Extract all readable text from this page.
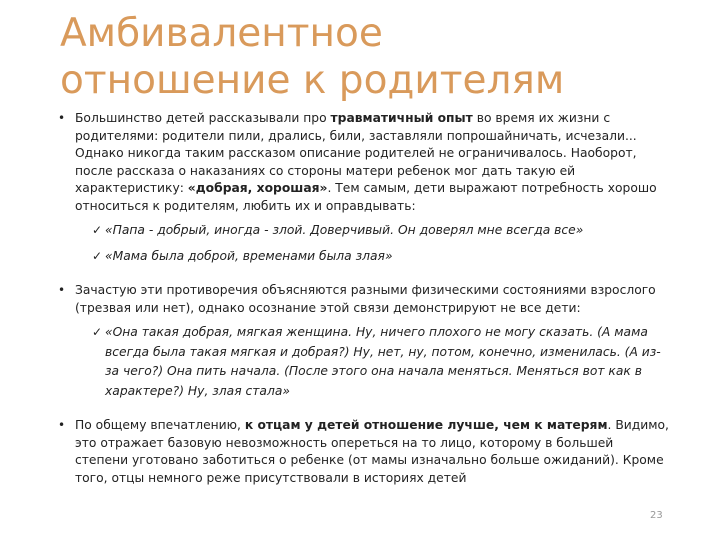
Амбивалентное
отношение к родителям
• Большинство детей рассказывали про травматичный опыт во время их жизни с родителями: родители пили, дрались, били, заставляли попрошайничать, исчезали... Однако никогда таким рассказом описание родителей не ограничивалось. Наоборот, после рассказа о наказаниях со стороны матери ребенок мог дать такую ей характеристику: «добрая, хорошая». Тем самым, дети выражают потребность хорошо относиться к родителям, любить их и оправдывать:
✓ «Папа - добрый, иногда - злой. Доверчивый. Он доверял мне всегда все»
✓ «Мама была доброй, временами была злая»
• Зачастую эти противоречия объясняются разными физическими состояниями взрослого (трезвая или нет), однако осознание этой связи демонстрируют не все дети:
✓ «Она такая добрая, мягкая женщина. Ну, ничего плохого не могу сказать. (А мама всегда была такая мягкая и добрая?) Ну, нет, ну, потом, конечно, изменилась. (А из-за чего?) Она пить начала. (После этого она начала меняться. Меняться вот как в характере?) Ну, злая стала»
• По общему впечатлению, к отцам у детей отношение лучше, чем к матерям. Видимо, это отражает базовую невозможность опереться на то лицо, которому в большей степени уготовано заботиться о ребенке (от мамы изначально больше ожиданий). Кроме того, отцы немного реже присутствовали в историях детей
23
